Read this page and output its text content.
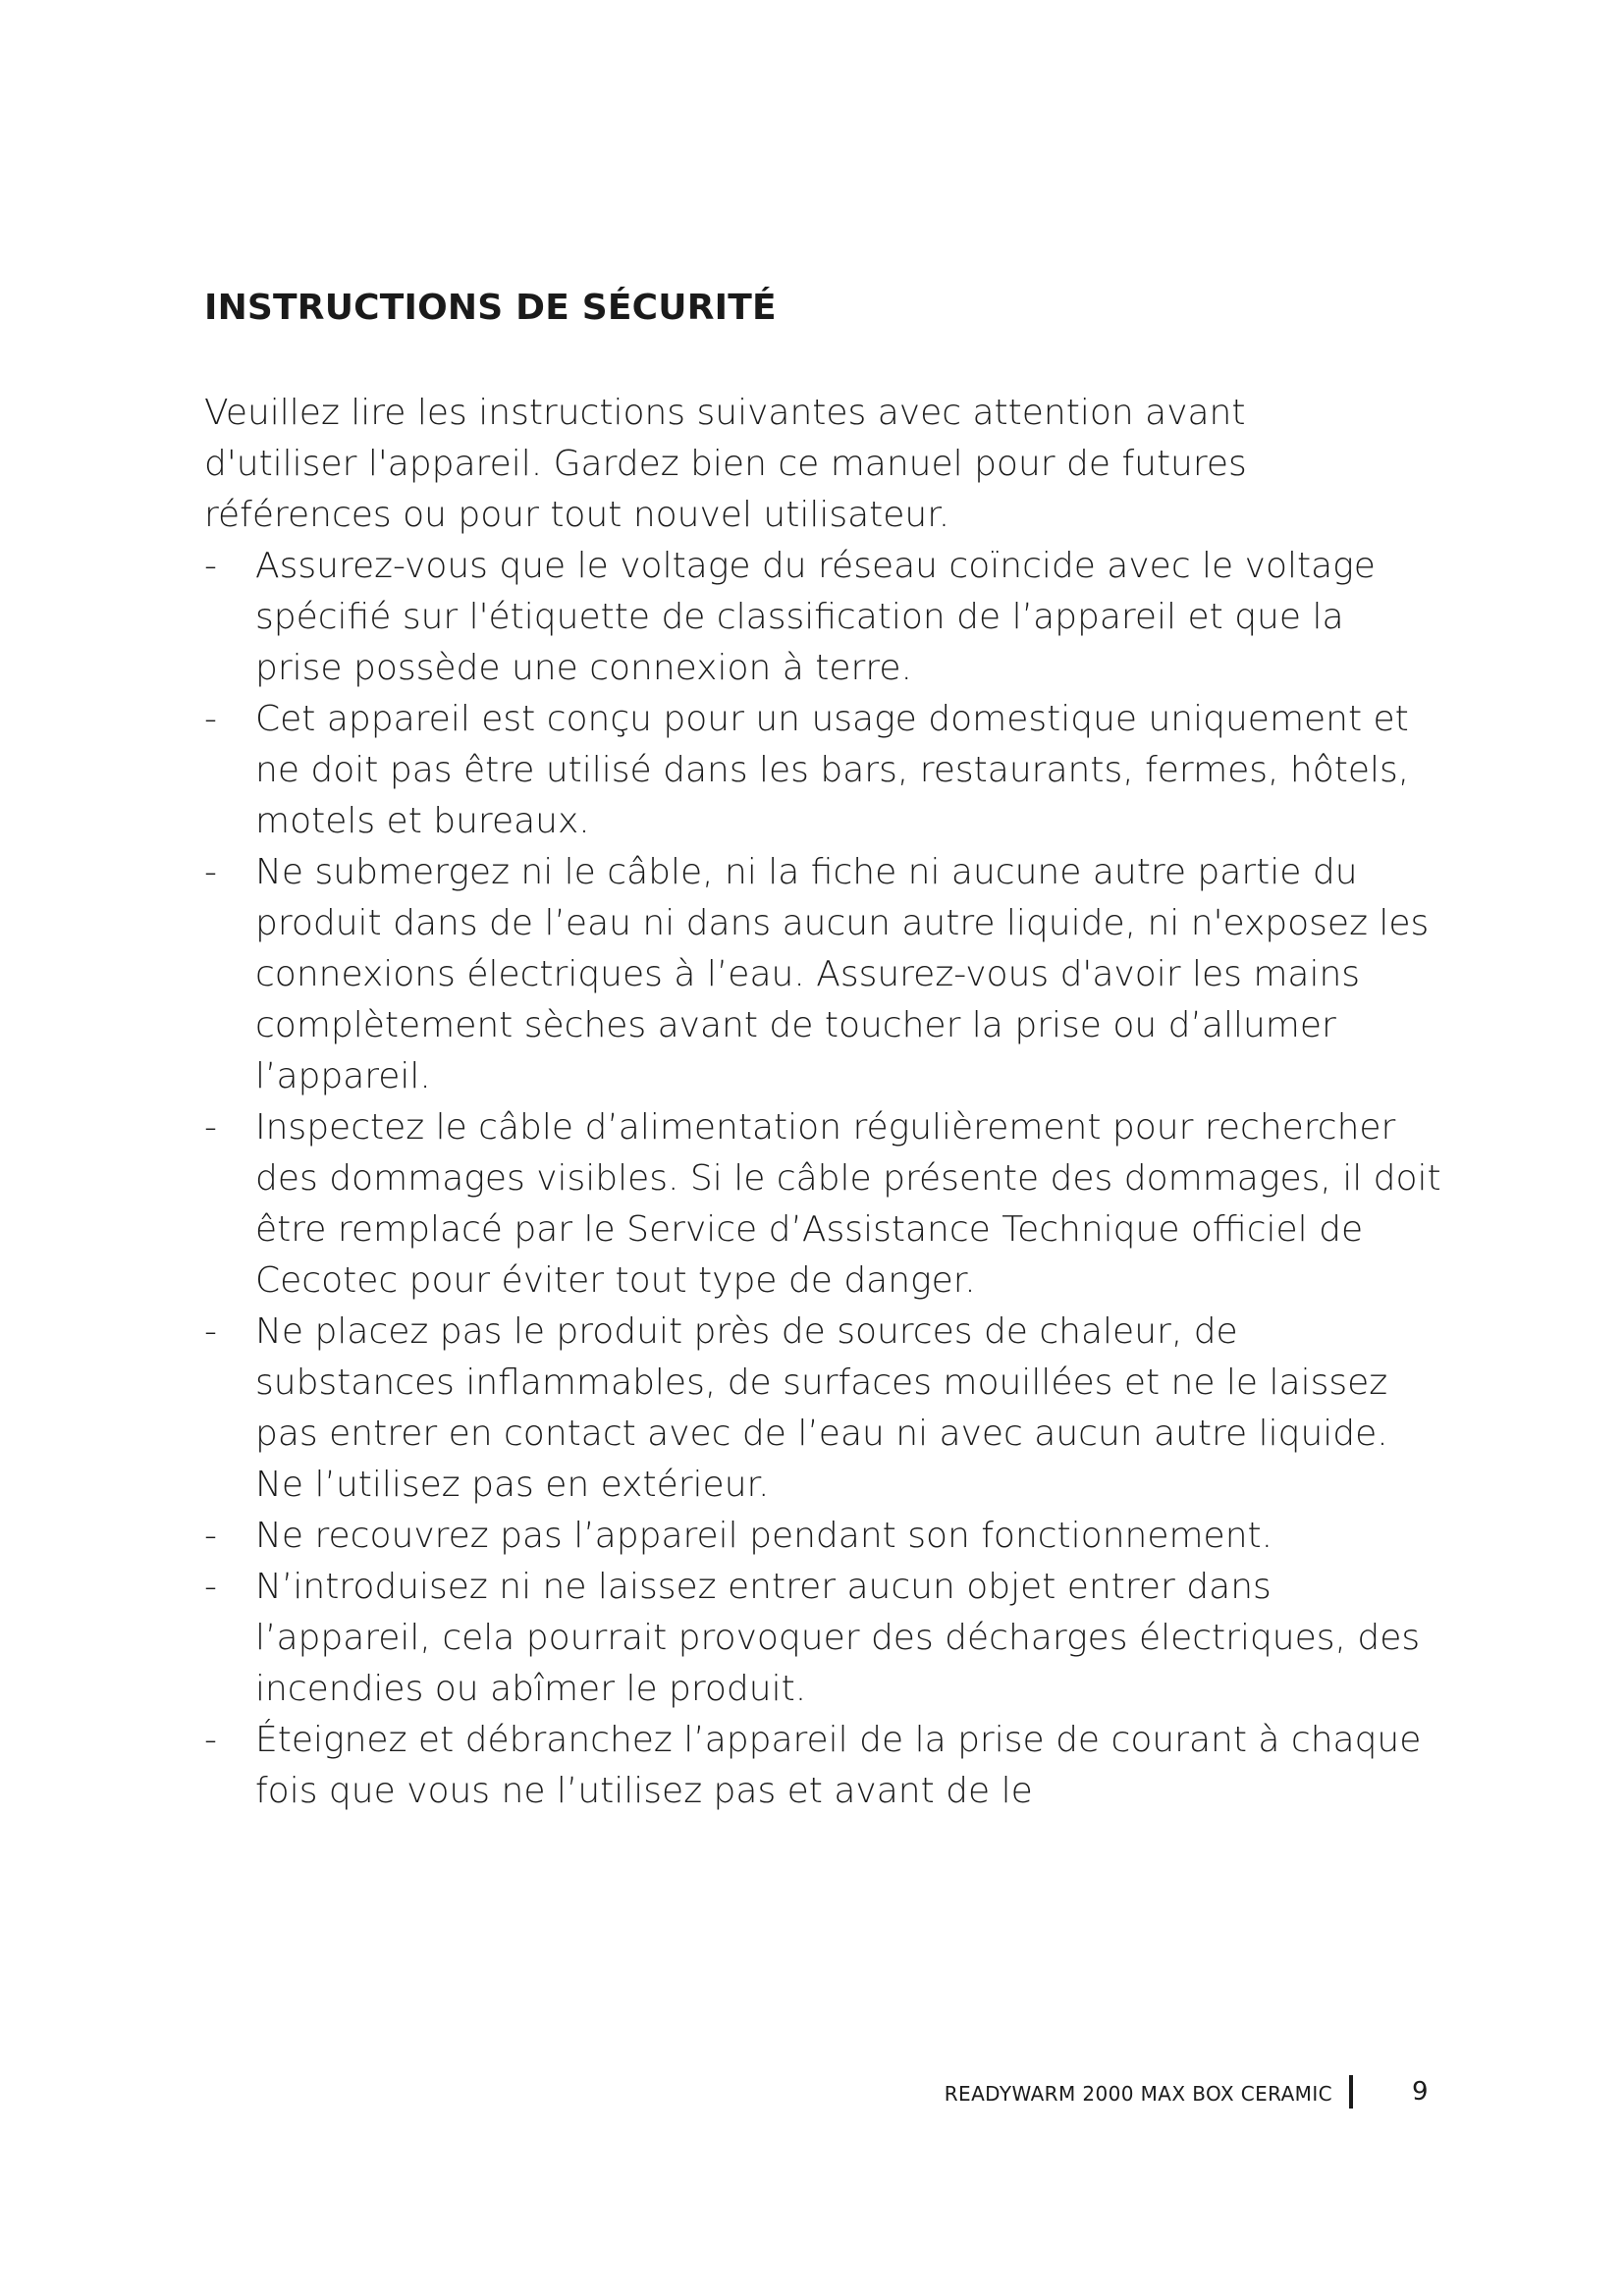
INSTRUCTIONS DE SÉCURITÉ

Veuillez lire les instructions suivantes avec attention avant d'utiliser l'appareil. Gardez bien ce manuel pour de futures références ou pour tout nouvel utilisateur.

- Assurez-vous que le voltage du réseau coïncide avec le voltage spécifié sur l'étiquette de classification de l’appareil et que la prise possède une connexion à terre.
- Cet appareil est conçu pour un usage domestique uniquement et ne doit pas être utilisé dans les bars, restaurants, fermes, hôtels, motels et bureaux.
- Ne submergez ni le câble, ni la fiche ni aucune autre partie du produit dans de l’eau ni dans aucun autre liquide, ni n'exposez les connexions électriques à l’eau. Assurez-vous d'avoir les mains complètement sèches avant de toucher la prise ou d’allumer l’appareil.
- Inspectez le câble d’alimentation régulièrement pour rechercher des dommages visibles. Si le câble présente des dommages, il doit être remplacé par le Service d’Assistance Technique officiel de Cecotec pour éviter tout type de danger.
- Ne placez pas le produit près de sources de chaleur, de substances inflammables, de surfaces mouillées et ne le laissez pas entrer en contact avec de l’eau ni avec aucun autre liquide. Ne l’utilisez pas en extérieur.
- Ne recouvrez pas l’appareil pendant son fonctionnement.
- N’introduisez ni ne laissez entrer aucun objet entrer dans l’appareil, cela pourrait provoquer des décharges électriques, des incendies ou abîmer le produit.
- Éteignez et débranchez l’appareil de la prise de courant à chaque fois que vous ne l’utilisez pas et avant de le
READYWARM 2000 MAX BOX CERAMIC	9
